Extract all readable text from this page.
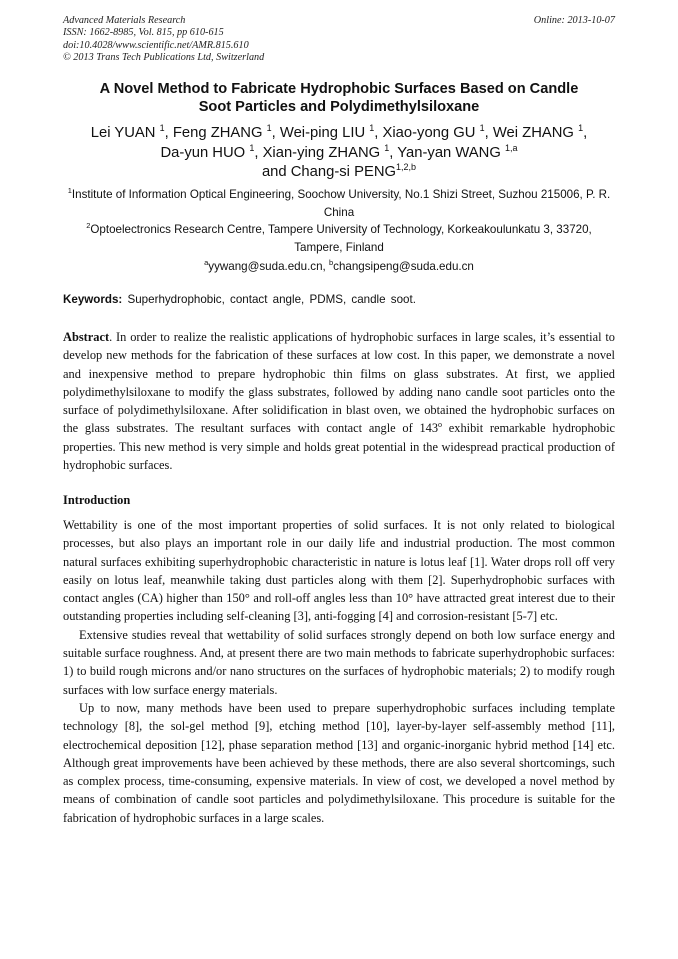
Advanced Materials Research	Online: 2013-10-07
ISSN: 1662-8985, Vol. 815, pp 610-615
doi:10.4028/www.scientific.net/AMR.815.610
© 2013 Trans Tech Publications Ltd, Switzerland
A Novel Method to Fabricate Hydrophobic Surfaces Based on Candle
Soot Particles and Polydimethylsiloxane
Lei YUAN $^1$, Feng ZHANG $^1$, Wei-ping LIU $^1$, Xiao-yong GU $^1$, Wei ZHANG $^1$,
Da-yun HUO $^1$, Xian-ying ZHANG $^1$, Yan-yan WANG $^{1,a}$
and Chang-si PENG$^{1,2,b}$
$^1$Institute of Information Optical Engineering, Soochow University, No.1 Shizi Street, Suzhou 215006, P. R. China
$^2$Optoelectronics Research Centre, Tampere University of Technology, Korkeakoulunkatu 3, 33720, Tampere, Finland
$^a$yywang@suda.edu.cn, $^b$changsipeng@suda.edu.cn
Keywords: Superhydrophobic, contact angle, PDMS, candle soot.
Abstract. In order to realize the realistic applications of hydrophobic surfaces in large scales, it’s essential to develop new methods for the fabrication of these surfaces at low cost. In this paper, we demonstrate a novel and inexpensive method to prepare hydrophobic thin films on glass substrates. At first, we applied polydimethylsiloxane to modify the glass substrates, followed by adding nano candle soot particles onto the surface of polydimethylsiloxane. After solidification in blast oven, we obtained the hydrophobic surfaces on the glass substrates. The resultant surfaces with contact angle of 143$^o$ exhibit remarkable hydrophobic properties. This new method is very simple and holds great potential in the widespread practical production of hydrophobic surfaces.
Introduction

Wettability is one of the most important properties of solid surfaces. It is not only related to biological processes, but also plays an important role in our daily life and industrial production. The most common natural surfaces exhibiting superhydrophobic characteristic in nature is lotus leaf [1]. Water drops roll off very easily on lotus leaf, meanwhile taking dust particles along with them [2]. Superhydrophobic surfaces with contact angles (CA) higher than 150° and roll-off angles less than 10° have attracted great interest due to their outstanding properties including self-cleaning [3], anti-fogging [4] and corrosion-resistant [5-7] etc.

Extensive studies reveal that wettability of solid surfaces strongly depend on both low surface energy and suitable surface roughness. And, at present there are two main methods to fabricate superhydrophobic surfaces: 1) to build rough microns and/or nano structures on the surfaces of hydrophobic materials; 2) to modify rough surfaces with low surface energy materials.

Up to now, many methods have been used to prepare superhydrophobic surfaces including template technology [8], the sol-gel method [9], etching method [10], layer-by-layer self-assembly method [11], electrochemical deposition [12], phase separation method [13] and organic-inorganic hybrid method [14] etc. Although great improvements have been achieved by these methods, there are also several shortcomings, such as complex process, time-consuming, expensive materials. In view of cost, we developed a novel method by means of combination of candle soot particles and polydimethylsiloxane. This procedure is suitable for the fabrication of hydrophobic surfaces in a large scales.
